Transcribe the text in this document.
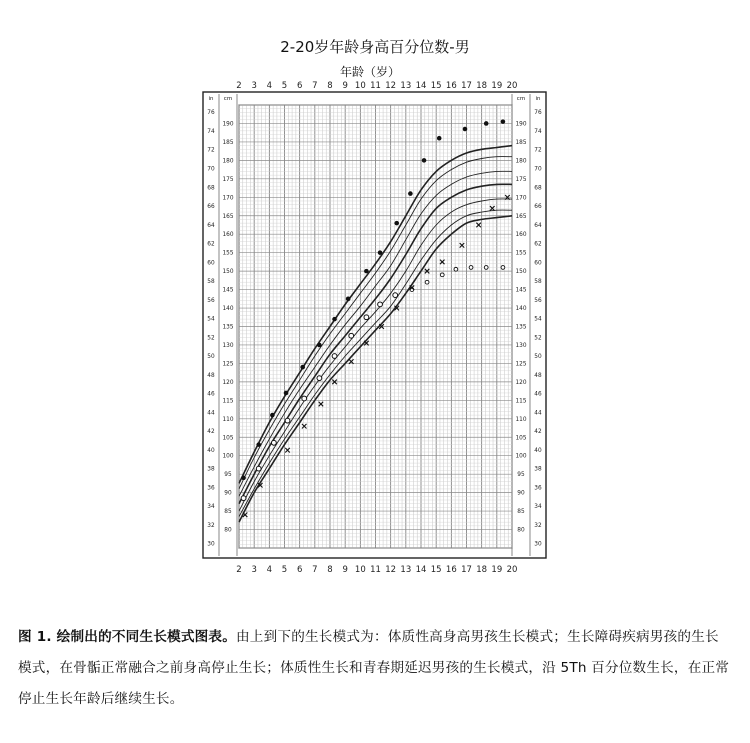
2-20岁年龄身高百分位数-男
年龄（岁）
2
2
3
3
4
4
5
5
6
6
7
7
8
8
9
9
10
10
11
11
12
12
13
13
14
14
15
15
16
16
17
17
18
18
19
19
20
20
in cm	cm in
80
85
90
95
100
105
110
115
120
125
130
135
140
145
150
155
160
165
170
175
180
185
190
80
85
90
95
100
105
110
115
120
125
130
135
140
145
150
155
160
165
170
175
180
185
190
30	30
32	32
34	34
36	36
38	38
40	40
42	42
44	44
46	46
48	48
50	50
52	52
54	54
56	56
58	58
60	60
62	62
64	64
66	66
68	68
70	70
72	72
74	74
76	76
图 1. 绘制出的不同生长模式图表。由上到下的生长模式为：体质性高身高男孩生长模式；生长障碍疾病男孩的生长模式，在骨骺正常融合之前身高停止生长；体质性生长和青春期延迟男孩的生长模式，沿 5Th 百分位数生长，在正常停止生长年龄后继续生长。
